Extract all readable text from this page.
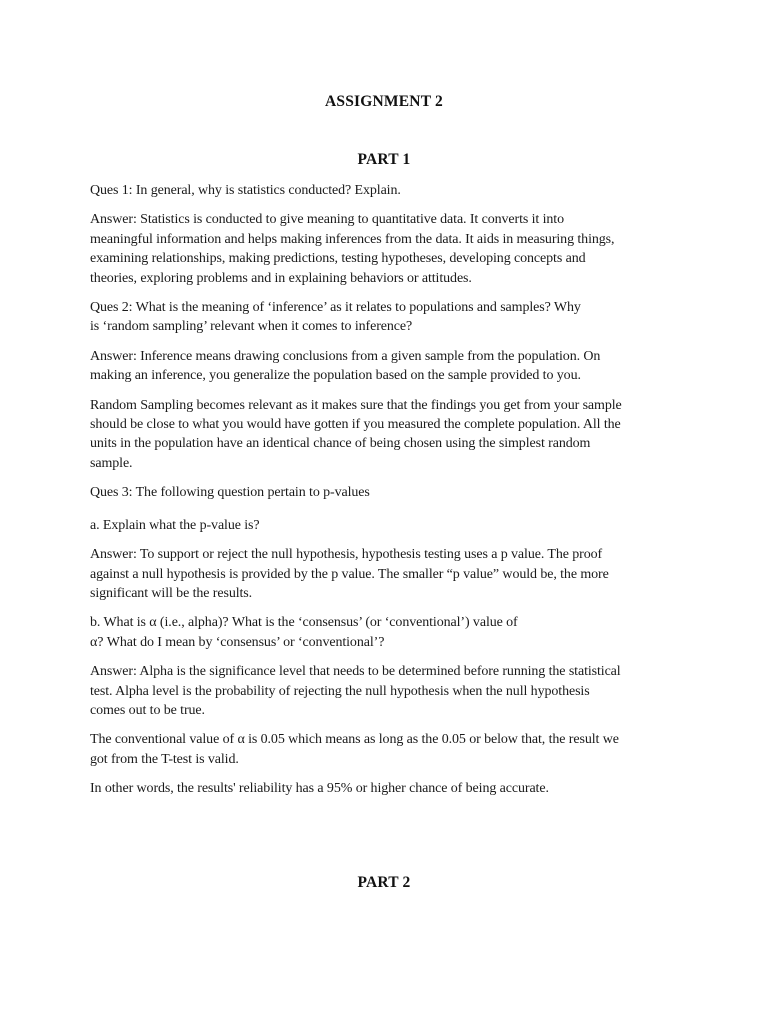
ASSIGNMENT 2
PART 1

Ques 1: In general, why is statistics conducted? Explain.

Answer: Statistics is conducted to give meaning to quantitative data. It converts it into
meaningful information and helps making inferences from the data. It aids in measuring things,
examining relationships, making predictions, testing hypotheses, developing concepts and
theories, exploring problems and in explaining behaviors or attitudes.

Ques 2: What is the meaning of ‘inference’ as it relates to populations and samples? Why
is ‘random sampling’ relevant when it comes to inference?

Answer: Inference means drawing conclusions from a given sample from the population. On
making an inference, you generalize the population based on the sample provided to you.

Random Sampling becomes relevant as it makes sure that the findings you get from your sample
should be close to what you would have gotten if you measured the complete population. All the
units in the population have an identical chance of being chosen using the simplest random
sample.

Ques 3: The following question pertain to p-values

a. Explain what the p-value is?

Answer: To support or reject the null hypothesis, hypothesis testing uses a p value. The proof
against a null hypothesis is provided by the p value. The smaller “p value” would be, the more
significant will be the results.

b. What is α (i.e., alpha)? What is the ‘consensus’ (or ‘conventional’) value of
α? What do I mean by ‘consensus’ or ‘conventional’?

Answer: Alpha is the significance level that needs to be determined before running the statistical
test. Alpha level is the probability of rejecting the null hypothesis when the null hypothesis
comes out to be true.

The conventional value of α is 0.05 which means as long as the 0.05 or below that, the result we
got from the T-test is valid.

In other words, the results' reliability has a 95% or higher chance of being accurate.

PART 2
